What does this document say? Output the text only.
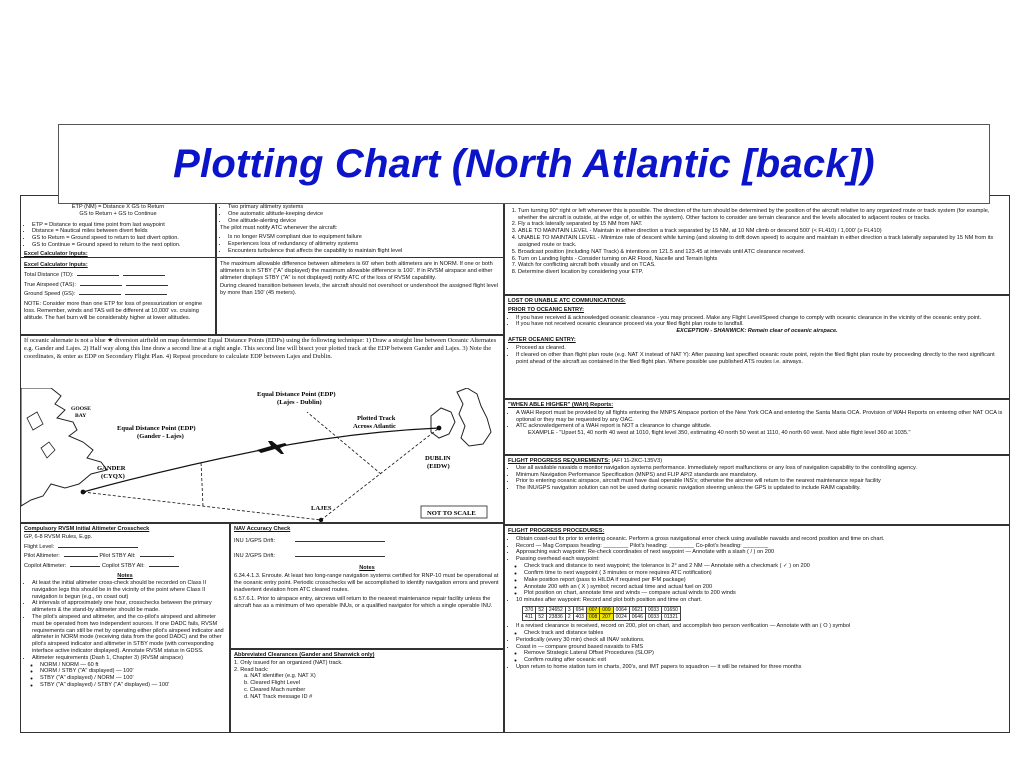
Plotting Chart (North Atlantic [back])
ETP (NM) = Distance X GS to Return
GS to Return + GS to Continue
• ETP = Distance to equal time point from last waypoint
• Distance = Nautical miles between divert fields
• GS to Return = Ground speed to return to last divert option.
• GS to Continue = Ground speed to return to the next option.
Excel Calculator Inputs:
• Two primary altimetry systems
• One automatic altitude-keeping device
• One altitude-alerting device

The pilot must notify ATC whenever the aircraft:

• Is no longer RVSM compliant due to equipment failure
• Experiences loss of redundancy of altimetry systems
• Encounters turbulence that affects the capability to maintain flight level
Excel Calculator Inputs:
Total Distance (TD):
True Airspeed (TAS):
Ground Speed (GS):

NOTE: Consider more than one ETP for loss of pressurization or engine loss. Remember, winds and TAS will be different at 10,000' vs. cruising altitude. The fuel burn will be considerably higher at lower altitudes.

The maximum allowable difference between altimeters is 60' when both altimeters are in NORM. If one or both altimeters is in STBY ("A" displayed) the maximum allowable difference is 100'. If in RVSM airspace and either altimeter displays STBY ("A" is not displayed) notify ATC of the loss of RVSM capability.

During cleared transition between levels, the aircraft should not overshoot or undershoot the assigned flight level by more than 150' (45 meters).

If oceanic alternate is not a blue ★ diversion airfield on map determine Equal Distance Points (EDPs) using the following technique: 1) Draw a straight line between Oceanic Alternates e.g. Gander and Lajes. 2) Half way along this line draw a second line at a right angle. This second line will bisect your plotted track at the EDP between Gander and Lajes. 3) Note the coordinates, & enter as EDP on Secondary Flight Plan. 4) Repeat procedure to calculate EDP between Lajes and Dublin.
Equal Distance Point (EDP)
(Lajes - Dublin)
Equal Distance Point (EDP)
(Gander - Lajes)
Plotted Track
Across Atlantic
GOOSE
BAY
GANDER
(CYQX)
DUBLIN
(EIDW)
LAJES
NOT TO SCALE
Compulsory RVSM Initial Altimeter Crosscheck
GP, 6-8 RVSM Rules, E.gp.
Flight Level:
Pilot Altimeter:	Pilot STBY Alt:
Copilot Altimeter:	Copilot STBY Alt:
Notes
• At least the initial altimeter cross-check should be recorded on Class II navigation legs this should be in the vicinity of the point where Class II navigation is begun (e.g., on coast out)
• At intervals of approximately one hour, crosschecks between the primary altimeters & the stand-by altimeter should be made.
• The pilot's airspeed and altimeter, and the co-pilot's airspeed and altimeter must be operated from two independent sources. If one DADC fails, RVSM requirements can still be met by operating either pilot's airspeed indicator and altimeter in NORM mode (receiving data from the good DADC) and the other pilot's airspeed indicator and altimeter in STBY mode (with corresponding interface active indicator displayed). Annotate RVSM status in GDSS.
• Altimeter requirements (Dash 1, Chapter 3) (RVSM airspace)
◦ NORM / NORM — 60 ft
◦ NORM / STBY ("A" displayed) — 100'
◦ STBY ("A" displayed) / NORM — 100'
◦ STBY ("A" displayed) / STBY ("A" displayed) — 100'
NAV Accuracy Check
INU 1/GPS Drift:
INU 2/GPS Drift:
Notes

6.34.4.1.3. Enroute. At least two long-range navigation systems certified for RNP-10 must be operational at the oceanic entry point. Periodic crosschecks will be accomplished to identify navigation errors and prevent inadvertent deviation from ATC cleared routes.

6.57.6.1. Prior to airspace entry, aircrews will return to the nearest maintenance repair facility unless the aircraft has as a minimum of two operable INUs, or a qualified navigator for which a single operable INU.

Abbreviated Clearances (Gander and Shanwick only)
1. Only issued for an organized (NAT) track.
2. Read back:
a. NAT identifier (e.g. NAT X)
b. Cleared Flight Level
c. Cleared Mach number
d. NAT Track message ID #

1. Turn turning 90° right or left whenever this is possible. The direction of the turn should be determined by the position of the aircraft relative to any organized route or track system (for example, whether the aircraft is outside, at the edge of, or within the system). Other factors to consider are terrain clearance and the levels allocated to adjacent routes or tracks.
2. Fly a track laterally separated by 15 NM from NAT.
3. ABLE TO MAINTAIN LEVEL - Maintain in either direction a track separated by 15 NM, at 10 NM climb or descend 500' (< FL410) / 1,000' (≥ FL410)
4. UNABLE TO MAINTAIN LEVEL - Minimize rate of descent while turning (and slowing to drift down speed) to acquire and maintain in either direction a track laterally separated by 15 NM from its assigned route or track.
5. Broadcast position (including NAT Track) & intentions on 121.5 and 123.45 at intervals until ATC clearance received.
6. Turn on Landing lights - Consider turning on AR Flood, Nacelle and Terrain lights
7. Watch for conflicting aircraft both visually and on TCAS.
8. Determine divert location by considering your ETP.
LOST OR UNABLE ATC COMMUNICATIONS:
PRIOR TO OCEANIC ENTRY:
• If you have received & acknowledged oceanic clearance - you may proceed. Make any Flight Level/Speed change to comply with oceanic clearance in the vicinity of the oceanic entry point.
• If you have not received oceanic clearance proceed via your filed flight plan route to landfall.
EXCEPTION - SHANWICK: Remain clear of oceanic airspace.
AFTER OCEANIC ENTRY:
• Proceed as cleared.
• If cleared on other than flight plan route (e.g. NAT X instead of NAT Y): After passing last specified oceanic route point, rejoin the filed flight plan route by proceeding directly to the next significant point ahead of the aircraft as contained in the filed flight plan. Where possible use published ATS routes i.e. airways.
"WHEN ABLE HIGHER" (WAH) Reports:
• A WAH Report must be provided by all flights entering the MNPS Airspace portion of the New York OCA and entering the Santa Maria OCA. Provision of WAH Reports on entering other NAT OCA is optional or they may be requested by any OAC.
• ATC acknowledgement of a WAH report is NOT a clearance to change altitude.
EXAMPLE - "Upset 51, 40 north 40 west at 1010, flight level 350, estimating 40 north 50 west at 1110, 40 north 60 west. Next able flight level 360 at 1035."
FLIGHT PROGRESS REQUIREMENTS: (AFI 11-2KC-135V3)
• Use all available navaids o monitor navigation systems performance. Immediately report malfunctions or any loss of navigation capability to the controlling agency.
• Minimum Navigation Performance Specification (MNPS) and FLIP AP/2 standards are mandatory.
• Prior to entering oceanic airspace, aircraft must have dual operable INS's; otherwise the aircrew will return to the nearest maintenance repair facility
• The INU/GPS navigation solution can not be used during oceanic navigation steering unless the GPS is updated to include RAIM capability.
FLIGHT PROGRESS PROCEDURES:
• Obtain coast-out fix prior to entering oceanic. Perform a gross navigational error check using available navaids and record position and time on chart.
• Record — Mag Compass heading: ________ Pilot's heading: ________ Co-pilot's heading: ________
• Approaching each waypoint: Re-check coordinates of next waypoint — Annotate with a slash ( / ) on 200
• Passing overhead each waypoint:
◦ Check track and distance to next waypoint; the tolerance is 2° and 2 NM — Annotate with a checkmark ( ✓ ) on 200
◦ Confirm time to next waypoint ( 3 minutes or more requires ATC notification)
◦ Make position report (pass to HILDA if required per IFM package)
◦ Annotate 200 with an ( X ) symbol; record actual time and actual fuel on 200
◦ Plot position on chart, annotate time and winds — compare actual winds to 200 winds
• 10 minutes after waypoint: Record and plot both position and time on chart.
370	52	24652	3	654	007	009	0064	0621	0033	01650
411	52	23836	2	403	008	207	0024	0646	0033	01321
• If a revised clearance is received, record on 200, plot on chart, and accomplish two person verification — Annotate with an ( O ) symbol
◦ Check track and distance tables
• Periodically (every 30 min) check all INAV solutions.
• Coast in — compare ground based navaids to FMS
◦ Remove Strategic Lateral Offset Procedures (SLOP)
◦ Confirm routing after oceanic exit
• Upon return to home station turn in charts, 200's, and IMT papers to squadron — it will be retained for three months
